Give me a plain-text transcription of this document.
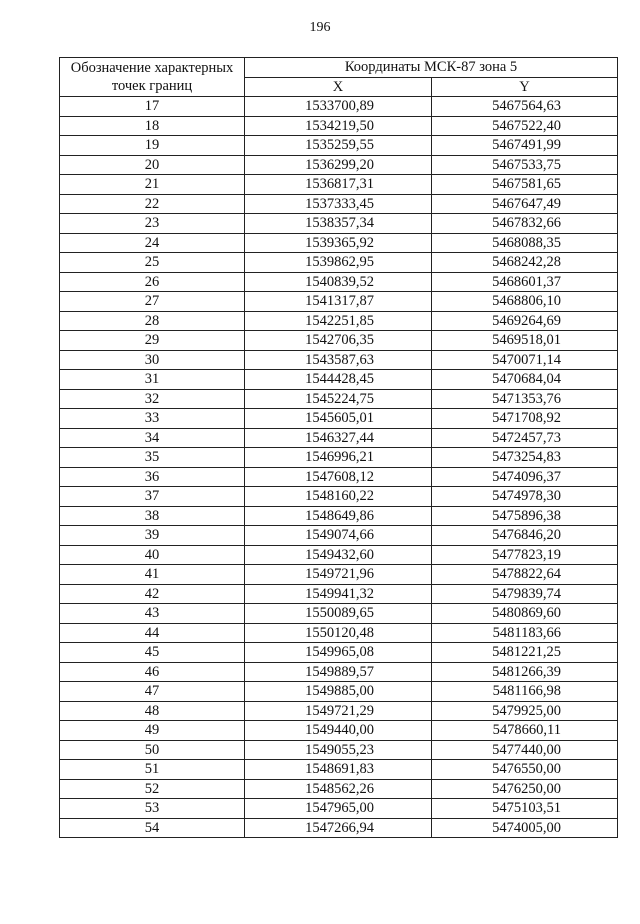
196
Обозначение характерных
точек границ	Координаты МСК-87 зона 5	
	X	Y
17	1533700,89	5467564,63
18	1534219,50	5467522,40
19	1535259,55	5467491,99
20	1536299,20	5467533,75
21	1536817,31	5467581,65
22	1537333,45	5467647,49
23	1538357,34	5467832,66
24	1539365,92	5468088,35
25	1539862,95	5468242,28
26	1540839,52	5468601,37
27	1541317,87	5468806,10
28	1542251,85	5469264,69
29	1542706,35	5469518,01
30	1543587,63	5470071,14
31	1544428,45	5470684,04
32	1545224,75	5471353,76
33	1545605,01	5471708,92
34	1546327,44	5472457,73
35	1546996,21	5473254,83
36	1547608,12	5474096,37
37	1548160,22	5474978,30
38	1548649,86	5475896,38
39	1549074,66	5476846,20
40	1549432,60	5477823,19
41	1549721,96	5478822,64
42	1549941,32	5479839,74
43	1550089,65	5480869,60
44	1550120,48	5481183,66
45	1549965,08	5481221,25
46	1549889,57	5481266,39
47	1549885,00	5481166,98
48	1549721,29	5479925,00
49	1549440,00	5478660,11
50	1549055,23	5477440,00
51	1548691,83	5476550,00
52	1548562,26	5476250,00
53	1547965,00	5475103,51
54	1547266,94	5474005,00
